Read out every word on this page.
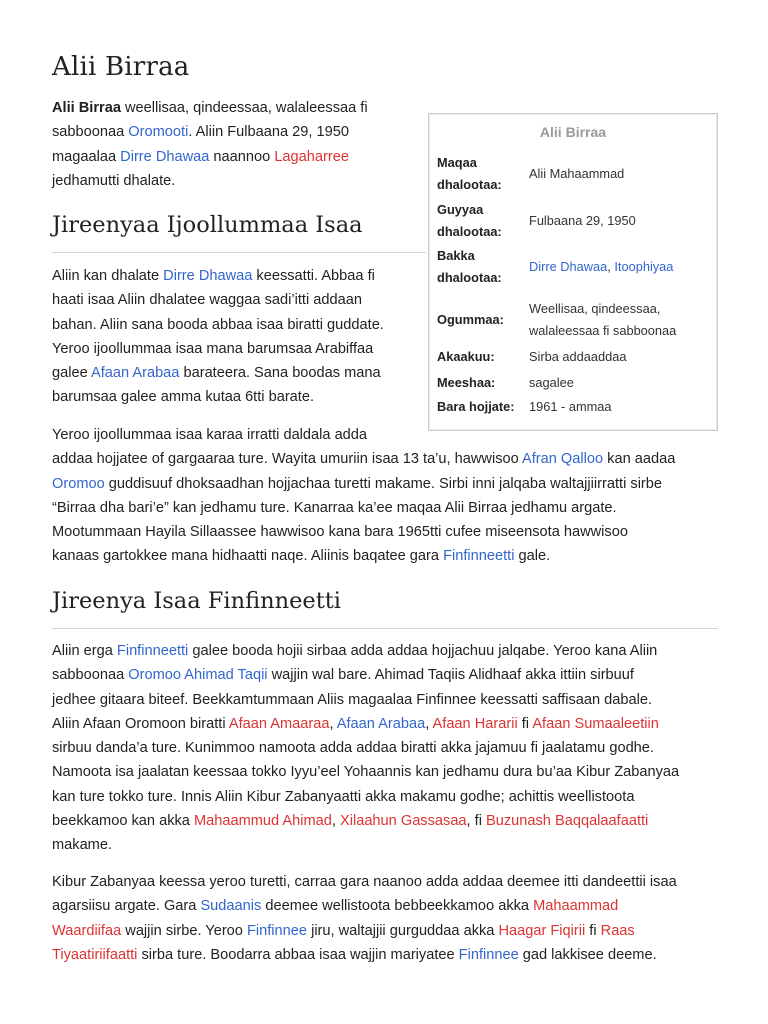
Alii Birraa

Alii Birraa weellisaa, qindeessaa, walaleessaa fi

sabboonaa Oromooti. Aliin Fulbaana 29, 1950

magaalaa Dirre Dhawaa naannoo Lagaharree

jedhamutti dhalate.

Jireenyaa Ijoollummaa Isaa

Aliin kan dhalate Dirre Dhawaa keessatti. Abbaa fi

haati isaa Aliin dhalatee waggaa sadi’itti addaan

bahan. Aliin sana booda abbaa isaa biratti guddate.

Yeroo ijoollummaa isaa mana barumsaa Arabiffaa

galee Afaan Arabaa barateera. Sana boodas mana

barumsaa galee amma kutaa 6tti barate.

Yeroo ijoollummaa isaa karaa irratti daldala adda

addaa hojjatee of gargaaraa ture. Wayita umuriin isaa 13 ta’u, hawwisoo Afran Qalloo kan aadaa

Oromoo guddisuuf dhoksaadhan hojjachaa turetti makame. Sirbi inni jalqaba waltajjiirratti sirbe

“Birraa dha bari’e” kan jedhamu ture. Kanarraa ka’ee maqaa Alii Birraa jedhamu argate.

Mootummaan Hayila Sillaassee hawwisoo kana bara 1965tti cufee miseensota hawwisoo

kanaas gartokkee mana hidhaatti naqe. Aliinis baqatee gara Finfinneetti gale.

Jireenya Isaa Finfinneetti

Aliin erga Finfinneetti galee booda hojii sirbaa adda addaa hojjachuu jalqabe. Yeroo kana Aliin

sabboonaa Oromoo Ahimad Taqii wajjin wal bare. Ahimad Taqiis Alidhaaf akka ittiin sirbuuf

jedhee gitaara biteef. Beekkamtummaan Aliis magaalaa Finfinnee keessatti saffisaan dabale.

Aliin Afaan Oromoon biratti Afaan Amaaraa, Afaan Arabaa, Afaan Hararii fi Afaan Sumaaleetiin

sirbuu danda’a ture. Kunimmoo namoota adda addaa biratti akka jajamuu fi jaalatamu godhe.

Namoota isa jaalatan keessaa tokko Iyyu’eel Yohaannis kan jedhamu dura bu’aa Kibur Zabanyaa

kan ture tokko ture. Innis Aliin Kibur Zabanyaatti akka makamu godhe; achittis weellistoota

beekkamoo kan akka Mahaammud Ahimad, Xilaahun Gassasaa, fi Buzunash Baqqalaafaatti

makame.

Kibur Zabanyaa keessa yeroo turetti, carraa gara naanoo adda addaa deemee itti dandeettii isaa

agarsiisu argate. Gara Sudaanis deemee wellistoota bebbeekkamoo akka Mahaammad

Waardiifaa wajjin sirbe. Yeroo Finfinnee jiru, waltajjii gurguddaa akka Haagar Fiqirii fi Raas

Tiyaatiriifaatti sirba ture. Boodarra abbaa isaa wajjin mariyatee Finfinnee gad lakkisee deeme.

Alii Birraa
Maqaa
dhalootaa:
Alii Mahaammad
Guyyaa
dhalootaa:
Fulbaana 29, 1950
Bakka
dhalootaa:
Dirre Dhawaa, Itoophiyaa
Ogummaa:
Weellisaa, qindeessaa,
walaleessaa fi sabboonaa
Akaakuu:	Sirba addaaddaa
Meeshaa:	sagalee
Bara hojjate:	1961 - ammaa
